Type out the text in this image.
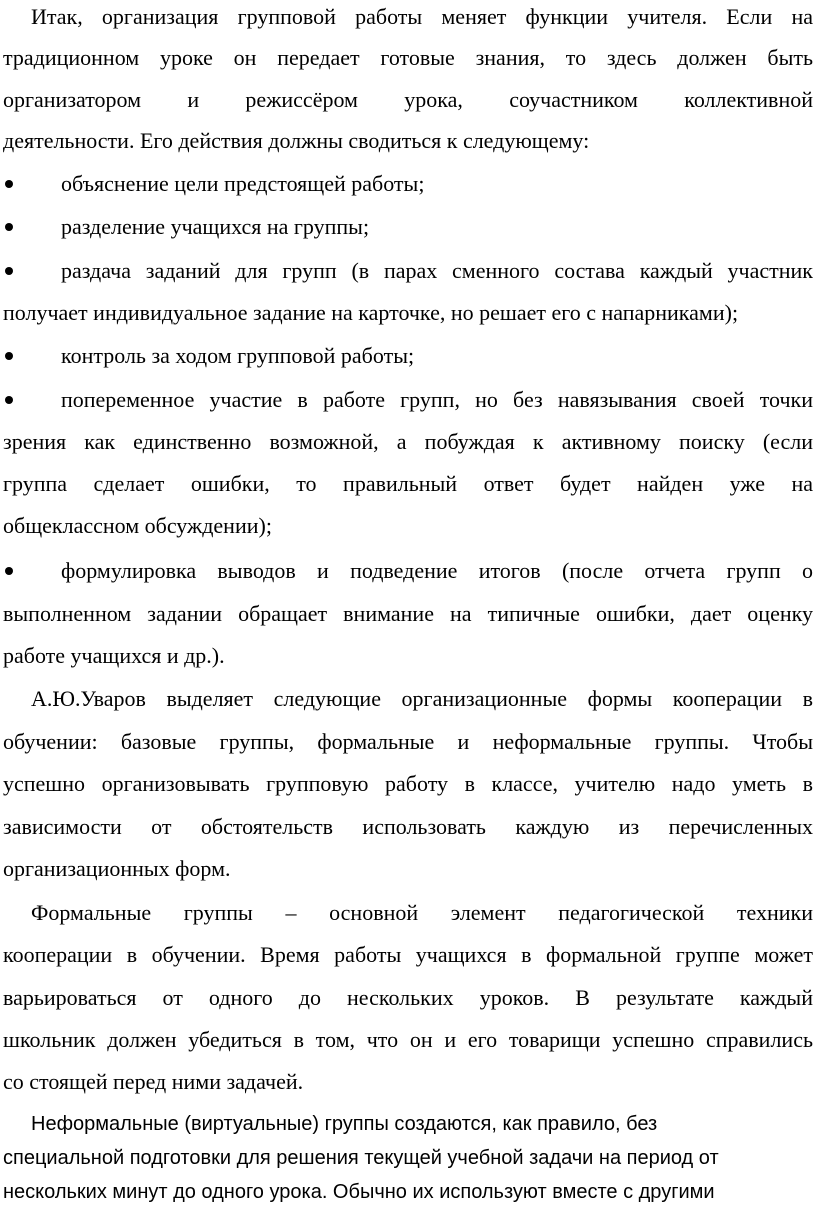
Итак, организация групповой работы меняет функции учителя. Если на
традиционном уроке он передает готовые знания, то здесь должен быть
организатором и режиссёром урока, соучастником коллективной
деятельности. Его действия должны сводиться к следующему:
объяснение цели предстоящей работы;
разделение учащихся на группы;
раздача заданий для групп (в парах сменного состава каждый участник
получает индивидуальное задание на карточке, но решает его с напарниками);
контроль за ходом групповой работы;
попеременное участие в работе групп, но без навязывания своей точки
зрения как единственно возможной, а побуждая к активному поиску (если
группа сделает ошибки, то правильный ответ будет найден уже на
общеклассном обсуждении);
формулировка выводов и подведение итогов (после отчета групп о
выполненном задании обращает внимание на типичные ошибки, дает оценку
работе учащихся и др.).
А.Ю.Уваров выделяет следующие организационные формы кооперации в
обучении: базовые группы, формальные и неформальные группы. Чтобы
успешно организовывать групповую работу в классе, учителю надо уметь в
зависимости от обстоятельств использовать каждую из перечисленных
организационных форм.
Формальные группы – основной элемент педагогической техники
кооперации в обучении. Время работы учащихся в формальной группе может
варьироваться от одного до нескольких уроков. В результате каждый
школьник должен убедиться в том, что он и его товарищи успешно справились
со стоящей перед ними задачей.
Неформальные (виртуальные) группы создаются, как правило, без
специальной подготовки для решения текущей учебной задачи на период от
нескольких минут до одного урока. Обычно их используют вместе с другими
